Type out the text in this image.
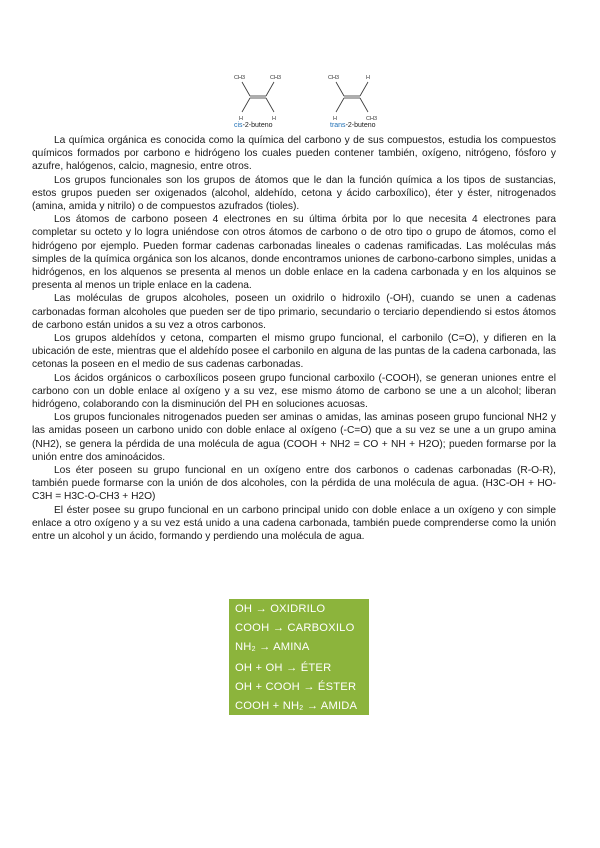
CH3	CH3
H	H
CH3	H
H	CH3
cis-2-buteno	trans-2-buteno

La química orgánica es conocida como la química del carbono y de sus compuestos, estudia los compuestos químicos formados por carbono e hidrógeno los cuales pueden contener también, oxígeno, nitrógeno, fósforo y azufre, halógenos, calcio, magnesio, entre otros.

Los grupos funcionales son los grupos de átomos que le dan la función química a los tipos de sustancias, estos grupos pueden ser oxigenados (alcohol, aldehído, cetona y ácido carboxílico), éter y éster, nitrogenados (amina, amida y nitrilo) o de compuestos azufrados (tioles).

Los átomos de carbono poseen 4 electrones en su última órbita por lo que necesita 4 electrones para completar su octeto y lo logra uniéndose con otros átomos de carbono o de otro tipo o grupo de átomos, como el hidrógeno por ejemplo. Pueden formar cadenas carbonadas lineales o cadenas ramificadas. Las moléculas más simples de la química orgánica son los alcanos, donde encontramos uniones de carbono-carbono simples, unidas a hidrógenos, en los alquenos se presenta al menos un doble enlace en la cadena carbonada y en los alquinos se presenta al menos un triple enlace en la cadena.

Las moléculas de grupos alcoholes, poseen un oxidrilo o hidroxilo (-OH), cuando se unen a cadenas carbonadas forman alcoholes que pueden ser de tipo primario, secundario o terciario dependiendo si estos átomos de carbono están unidos a su vez a otros carbonos.

Los grupos aldehídos y cetona, comparten el mismo grupo funcional, el carbonilo (C=O), y difieren en la ubicación de este, mientras que el aldehído posee el carbonilo en alguna de las puntas de la cadena carbonada, las cetonas la poseen en el medio de sus cadenas carbonadas.

Los ácidos orgánicos o carboxílicos poseen grupo funcional carboxilo (-COOH), se generan uniones entre el carbono con un doble enlace al oxígeno y a su vez, ese mismo átomo de carbono se une a un alcohol; liberan hidrógeno, colaborando con la disminución del PH en soluciones acuosas.

Los grupos funcionales nitrogenados pueden ser aminas o amidas, las aminas poseen grupo funcional NH2 y las amidas poseen un carbono unido con doble enlace al oxígeno (-C=O) que a su vez se une a un grupo amina (NH2), se genera la pérdida de una molécula de agua (COOH + NH2 = CO + NH + H2O); pueden formarse por la unión entre dos aminoácidos.

Los éter poseen su grupo funcional en un oxígeno entre dos carbonos o cadenas carbonadas (R-O-R), también puede formarse con la unión de dos alcoholes, con la pérdida de una molécula de agua. (H3C-OH + HO-C3H = H3C-O-CH3 + H2O)

El éster posee su grupo funcional en un carbono principal unido con doble enlace a un oxígeno y con simple enlace a otro oxígeno y a su vez está unido a una cadena carbonada, también puede comprenderse como la unión entre un alcohol y un ácido, formando y perdiendo una molécula de agua.

OH → OXIDRILO
COOH → CARBOXILO
$NH_2$ → AMINA
OH + OH → ÉTER
OH + COOH → ÉSTER
COOH + $NH_2$ → AMIDA
